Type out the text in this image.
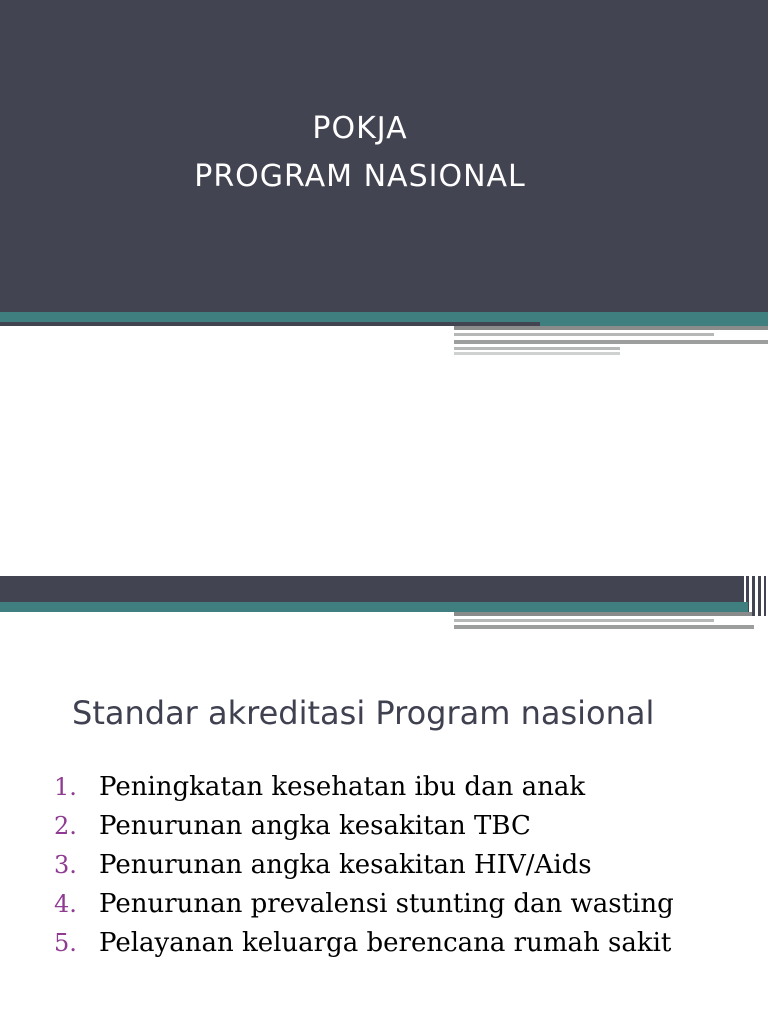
POKJA
PROGRAM NASIONAL
Standar akreditasi Program nasional
1. Peningkatan kesehatan ibu dan anak
2. Penurunan angka kesakitan TBC
3. Penurunan angka kesakitan HIV/Aids
4. Penurunan prevalensi stunting dan wasting
5. Pelayanan keluarga berencana rumah sakit
